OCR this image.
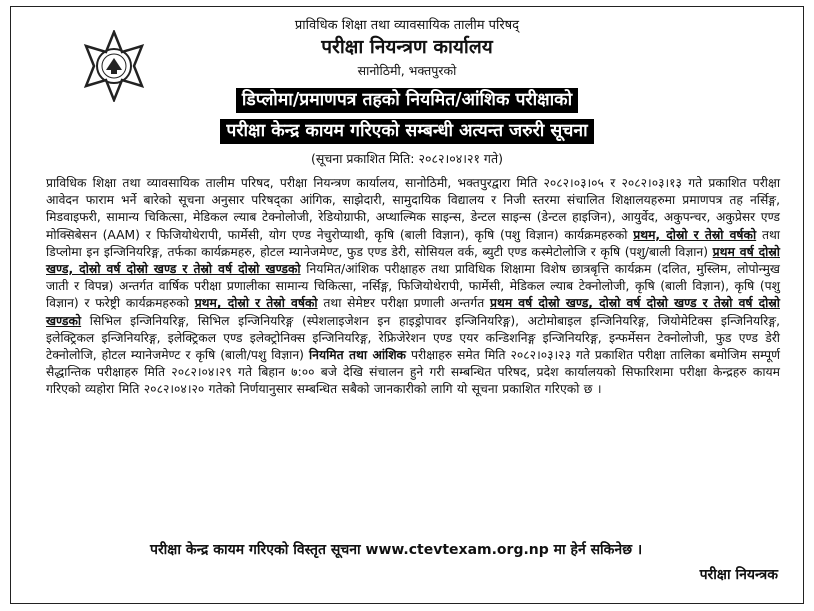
प्राविधिक शिक्षा तथा व्यावसायिक तालीम परिषद्
परीक्षा नियन्त्रण कार्यालय
सानोठिमी, भक्तपुरको
डिप्लोमा/प्रमाणपत्र तहको नियमित/आंशिक परीक्षाको
परीक्षा केन्द्र कायम गरिएको सम्बन्धी अत्यन्त जरुरी सूचना
(सूचना प्रकाशित मिति: २०८२।०४।२१ गते)
प्राविधिक शिक्षा तथा व्यावसायिक तालीम परिषद, परीक्षा नियन्त्रण कार्यालय, सानोठिमी, भक्तपुरद्वारा मिति २०८२।०३।०५ र २०८२।०३।१३ गते प्रकाशित परीक्षा आवेदन फाराम भर्ने बारेको सूचना अनुसार परिषद्का आंगिक, साझेदारी, सामुदायिक विद्यालय र निजी स्तरमा संचालित शिक्षालयहरुमा प्रमाणपत्र तह नर्सिङ्ग, मिडवाइफरी, सामान्य चिकित्सा, मेडिकल ल्याब टेक्नोलोजी, रेडियोग्राफी, अप्थाल्मिक साइन्स, डेन्टल साइन्स (डेन्टल हाइजिन), आयुर्वेद, अकुपन्चर, अकुप्रेसर एण्ड मोक्सिबेसन (AAM) र फिजियोथेरापी, फार्मेसी, योग एण्ड नेचुरोप्याथी, कृषि (बाली विज्ञान), कृषि (पशु विज्ञान) कार्यक्रमहरुको प्रथम, दोस्रो र तेस्रो वर्षको तथा डिप्लोमा इन इन्जिनियरिङ्ग, तर्फका कार्यक्रमहरु, होटल म्यानेजमेण्ट, फुड एण्ड डेरी, सोसियल वर्क, ब्युटी एण्ड कस्मेटोलोजि र कृषि (पशु/बाली विज्ञान) प्रथम वर्ष दोस्रो खण्ड, दोस्रो वर्ष दोस्रो खण्ड र तेस्रो वर्ष दोस्रो खण्डको नियमित/आंशिक परीक्षाहरु तथा प्राविधिक शिक्षामा विशेष छात्रबृत्ति कार्यक्रम (दलित, मुस्लिम, लोपोन्मुख जाती र विपन्न) अन्तर्गत वार्षिक परीक्षा प्रणालीका सामान्य चिकित्सा, नर्सिङ्ग, फिजियोथेरापी, फार्मेसी, मेडिकल ल्याब टेक्नोलोजी, कृषि (बाली विज्ञान), कृषि (पशु विज्ञान) र फरेष्ट्री कार्यक्रमहरुको प्रथम, दोस्रो र तेस्रो वर्षको तथा सेमेष्टर परीक्षा प्रणाली अन्तर्गत प्रथम वर्ष दोस्रो खण्ड, दोस्रो वर्ष दोस्रो खण्ड र तेस्रो वर्ष दोस्रो खण्डको सिभिल इन्जिनियरिङ्ग, सिभिल इन्जिनियरिङ्ग (स्पेशलाइजेशन इन हाइड्रोपावर इन्जिनियरिङ्ग), अटोमोबाइल इन्जिनियरिङ्ग, जियोमेटिक्स इन्जिनियरिङ्ग, इलेक्ट्रिकल इन्जिनियरिङ्ग, इलेक्ट्रिकल एण्ड इलेक्ट्रोनिक्स इन्जिनियरिङ्ग, रेफ्रिजेरेशन एण्ड एयर कन्डिशनिङ्ग इन्जिनियरिङ्ग, इन्फर्मेसन टेक्नोलोजी, फुड एण्ड डेरी टेक्नोलोजि, होटल म्यानेजमेण्ट र कृषि (बाली/पशु विज्ञान) नियमित तथा आंशिक परीक्षाहरु समेत मिति २०८२।०३।२३ गते प्रकाशित परीक्षा तालिका बमोजिम सम्पूर्ण सैद्धान्तिक परीक्षाहरु मिति २०८२।०४।२९ गते बिहान ७:०० बजे देखि संचालन हुने गरी सम्बन्धित परिषद, प्रदेश कार्यालयको सिफारिशमा परीक्षा केन्द्रहरु कायम गरिएको व्यहोरा मिति २०८२।०४।२० गतेको निर्णयानुसार सम्बन्धित सबैको जानकारीको लागि यो सूचना प्रकाशित गरिएको छ ।
परीक्षा केन्द्र कायम गरिएको विस्तृत सूचना www.ctevtexam.org.np मा हेर्न सकिनेछ ।
परीक्षा नियन्त्रक
